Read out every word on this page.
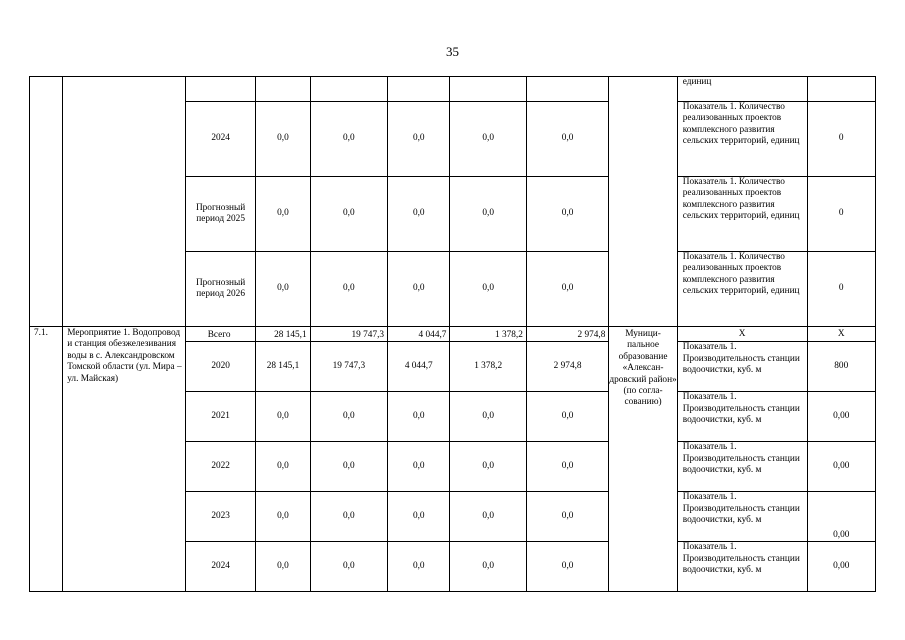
35
									единиц	
		2024	0,0	0,0	0,0	0,0	0,0		Показатель 1. Количество реализованных проектов комплексного развития сельских территорий, единиц	0
		Прогнозный период 2025	0,0	0,0	0,0	0,0	0,0		Показатель 1. Количество реализованных проектов комплексного развития сельских территорий, единиц	0
		Прогнозный период 2026	0,0	0,0	0,0	0,0	0,0		Показатель 1. Количество реализованных проектов комплексного развития сельских территорий, единиц	0
7.1.	Мероприятие 1. Водопровод и станция обезжелезивания воды в с. Александровском Томской области (ул. Мира – ул. Майская)	Всего	28 145,1	19 747,3	4 044,7	1 378,2	2 974,8	Муници-пальное образование «Алексан-дровский район» (по согла-сованию)	Х	Х
		2020	28 145,1	19 747,3	4 044,7	1 378,2	2 974,8		Показатель 1. Производительность станции водоочистки, куб. м	800
		2021	0,0	0,0	0,0	0,0	0,0		Показатель 1. Производительность станции водоочистки, куб. м	0,00
		2022	0,0	0,0	0,0	0,0	0,0		Показатель 1. Производительность станции водоочистки, куб. м	0,00
		2023	0,0	0,0	0,0	0,0	0,0		Показатель 1. Производительность станции водоочистки, куб. м	0,00
		2024	0,0	0,0	0,0	0,0	0,0		Показатель 1. Производительность станции водоочистки, куб. м	0,00
